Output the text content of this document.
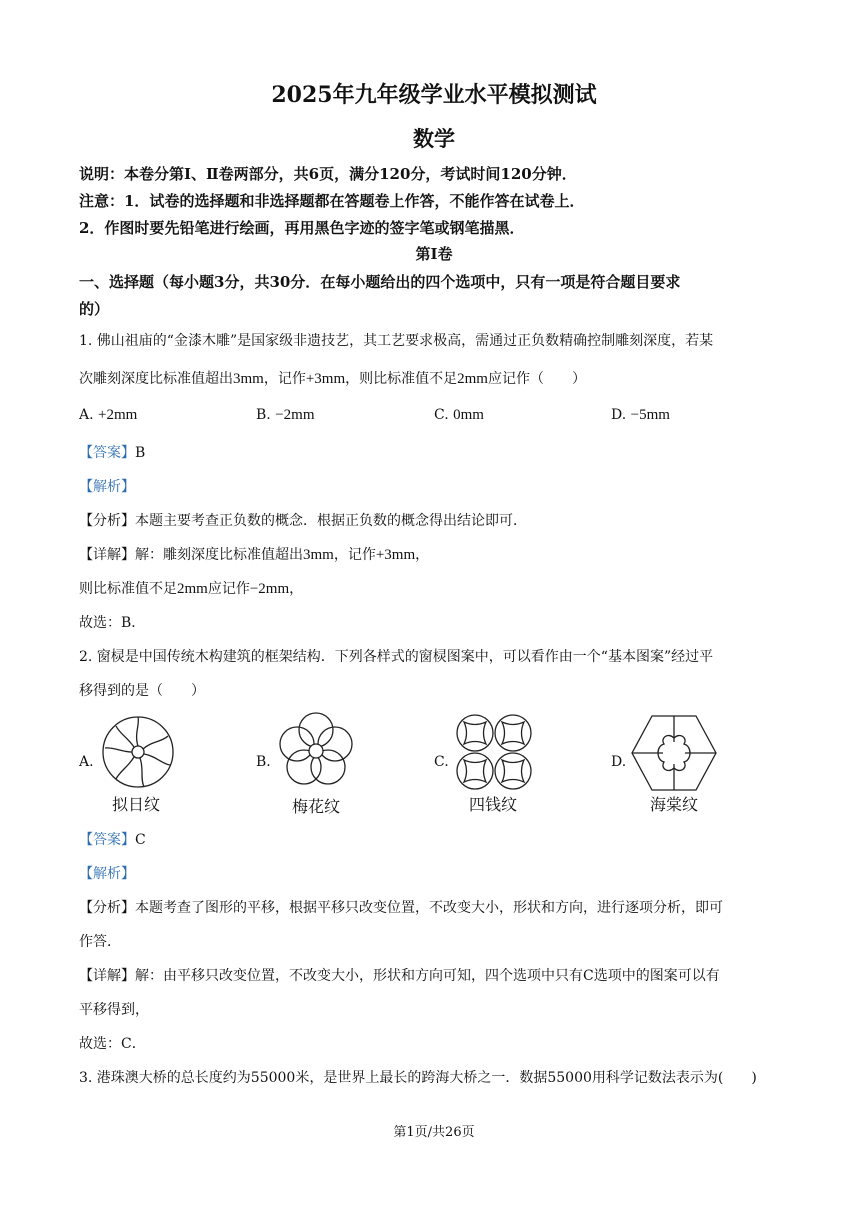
2025年九年级学业水平模拟测试
数学
说明：本卷分第Ⅰ、Ⅱ卷两部分，共6页，满分120分，考试时间120分钟．
注意：1．试卷的选择题和非选择题都在答题卷上作答，不能作答在试卷上．
2．作图时要先铅笔进行绘画，再用黑色字迹的签字笔或钢笔描黑．
第Ⅰ卷
一、选择题（每小题3分，共30分．在每小题给出的四个选项中，只有一项是符合题目要求
的）
1. 佛山祖庙的“金漆木雕”是国家级非遗技艺，其工艺要求极高，需通过正负数精确控制雕刻深度，若某
次雕刻深度比标准值超出3mm，记作+3mm，则比标准值不足2mm应记作（　　）
A. +2mm	B. −2mm	C. 0mm	D. −5mm
【答案】B
【解析】
【分析】本题主要考查正负数的概念．根据正负数的概念得出结论即可．
【详解】解：雕刻深度比标准值超出3mm，记作+3mm，
则比标准值不足2mm应记作−2mm，
故选：B．
2. 窗棂是中国传统木构建筑的框架结构．下列各样式的窗棂图案中，可以看作由一个“基本图案”经过平
移得到的是（　　）
A.	B.	C.	D.
拟日纹	梅花纹	四钱纹	海棠纹
【答案】C
【解析】
【分析】本题考查了图形的平移，根据平移只改变位置，不改变大小，形状和方向，进行逐项分析，即可
作答．
【详解】解：由平移只改变位置，不改变大小，形状和方向可知，四个选项中只有C选项中的图案可以有
平移得到，
故选：C．
3. 港珠澳大桥的总长度约为55000米，是世界上最长的跨海大桥之一．数据55000用科学记数法表示为(　　)
第1页/共26页
